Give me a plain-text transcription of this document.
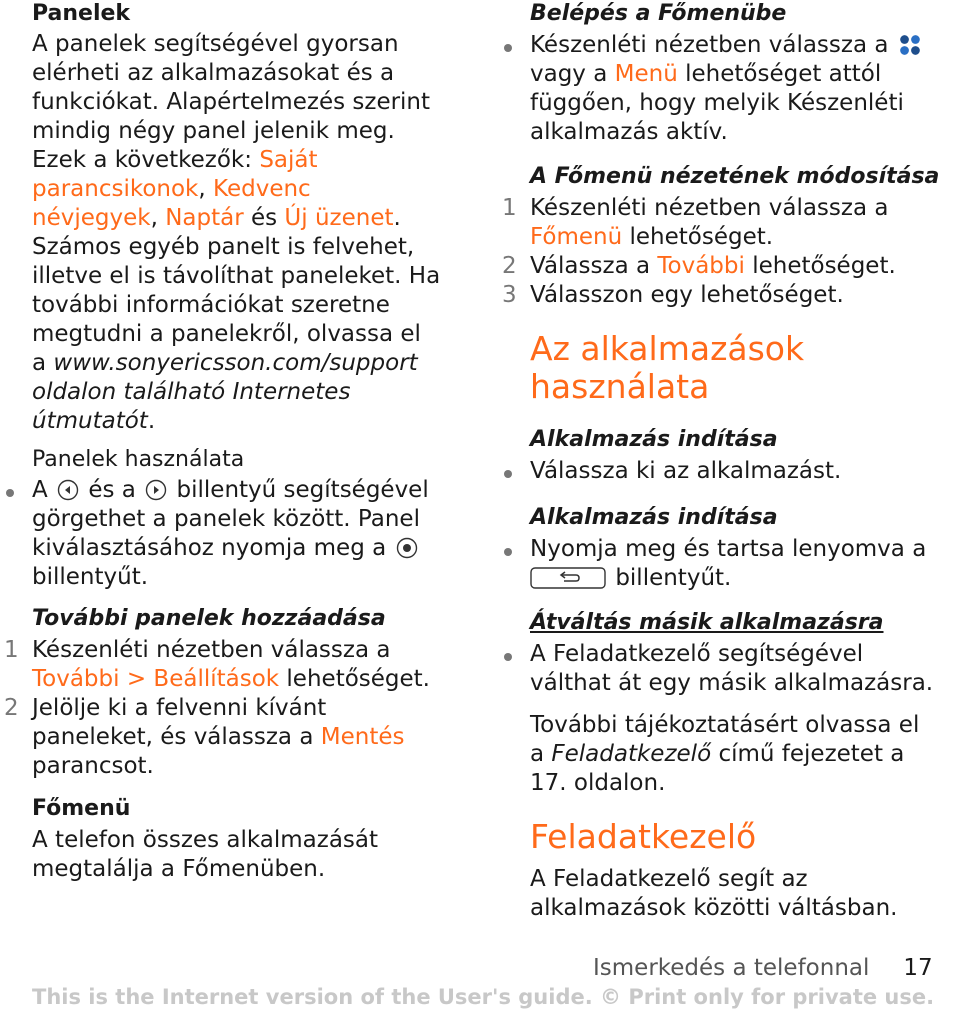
Panelek
A panelek segítségével gyorsan
elérheti az alkalmazásokat és a
funkciókat. Alapértelmezés szerint
mindig négy panel jelenik meg.
Ezek a következők: Saját
parancsikonok, Kedvenc
névjegyek, Naptár és Új üzenet.
Számos egyéb panelt is felvehet,
illetve el is távolíthat paneleket. Ha
további információkat szeretne
megtudni a panelekről, olvassa el
a www.sonyericsson.com/support
oldalon található Internetes
útmutatót.
Panelek használata
A és a billentyű segítségével
görgethet a panelek között. Panel
kiválasztásához nyomja meg a
billentyűt.
További panelek hozzáadása
1 Készenléti nézetben válassza a
További > Beállítások lehetőséget.
2 Jelölje ki a felvenni kívánt
paneleket, és válassza a Mentés
parancsot.
Főmenü
A telefon összes alkalmazását
megtalálja a Főmenüben.
Belépés a Főmenübe
Készenléti nézetben válassza a
vagy a Menü lehetőséget attól
függően, hogy melyik Készenléti
alkalmazás aktív.
A Főmenü nézetének módosítása
1 Készenléti nézetben válassza a
Főmenü lehetőséget.
2 Válassza a További lehetőséget.
3 Válasszon egy lehetőséget.
Az alkalmazások
használata
Alkalmazás indítása
Válassza ki az alkalmazást.
Alkalmazás indítása
Nyomja meg és tartsa lenyomva a
billentyűt.
Átváltás másik alkalmazásra
A Feladatkezelő segítségével
válthat át egy másik alkalmazásra.
További tájékoztatásért olvassa el
a Feladatkezelő című fejezetet a
17. oldalon.
Feladatkezelő
A Feladatkezelő segít az
alkalmazások közötti váltásban.
Ismerkedés a telefonnal 17
This is the Internet version of the User's guide. © Print only for private use.
